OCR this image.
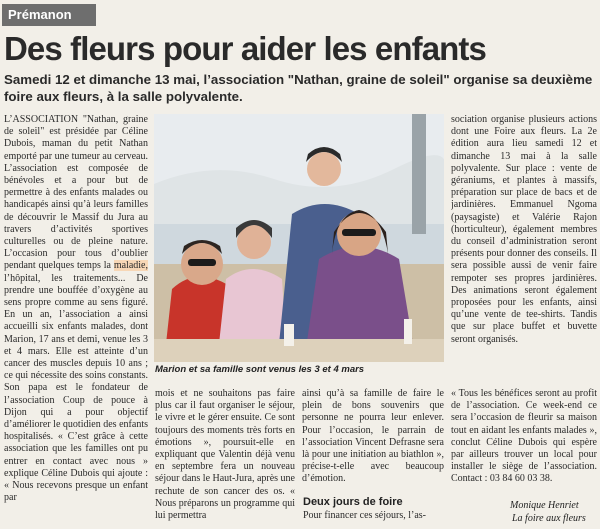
Prémanon
Des fleurs pour aider les enfants

Samedi 12 et dimanche 13 mai, l’association "Nathan, graine de soleil" organise sa deuxième foire aux fleurs, à la salle polyvalente.

L’ASSOCIATION "Nathan, graine de soleil" est présidée par Céline Dubois, maman du petit Nathan emporté par une tumeur au cerveau. L’association est composée de bénévoles et a pour but de permettre à des enfants malades ou handicapés ainsi qu’à leurs familles de découvrir le Massif du Jura au travers d’activités sportives culturelles ou de pleine nature. L’occasion pour tous d’oublier pendant quelques temps la maladie, l’hôpital, les traitements... De prendre une bouffée d’oxygène au sens propre comme au sens figuré. En un an, l’association a ainsi accueilli six enfants malades, dont Marion, 17 ans et demi, venue les 3 et 4 mars. Elle est atteinte d’un cancer des muscles depuis 10 ans ; ce qui nécessite des soins constants. Son papa est le fondateur de l’association Coup de pouce à Dijon qui a pour objectif d’améliorer le quotidien des enfants hospitalisés. « C’est grâce à cette association que les familles ont pu entrer en contact avec nous » explique Céline Dubois qui ajoute : « Nous recevons presque un enfant par

Marion et sa famille sont venus les 3 et 4 mars

sociation organise plusieurs actions dont une Foire aux fleurs. La 2e édition aura lieu samedi 12 et dimanche 13 mai à la salle polyvalente. Sur place : vente de géraniums, et plantes à massifs, préparation sur place de bacs et de jardinières. Emmanuel Ngoma (paysagiste) et Valérie Rajon (horticulteur), également membres du conseil d’administration seront présents pour donner des conseils. Il sera possible aussi de venir faire rempoter ses propres jardinières. Des animations seront également proposées pour les enfants, ainsi qu’une vente de tee-shirts. Tandis que sur place buffet et buvette seront organisés.
mois et ne souhaitons pas faire plus car il faut organiser le séjour, le vivre et le gérer ensuite. Ce sont toujours des moments très forts en émotions », poursuit-elle en expliquant que Valentin déjà venu en septembre fera un nouveau séjour dans le Haut-Jura, après une rechute de son cancer des os. « Nous préparons un programme qui lui permettra
ainsi qu’à sa famille de faire le plein de bons souvenirs que personne ne pourra leur enlever. Pour l’occasion, le parrain de l’association Vincent Defrasne sera là pour une initiation au biathlon », précise-t-elle avec beaucoup d’émotion.

Deux jours de foire

Pour financer ces séjours, l’as-
« Tous les bénéfices seront au profit de l’association. Ce week-end ce sera l’occasion de fleurir sa maison tout en aidant les enfants malades », conclut Céline Dubois qui espère par ailleurs trouver un local pour installer le siège de l’association. Contact : 03 84 60 03 38.
Monique Henriet
La foire aux fleurs
